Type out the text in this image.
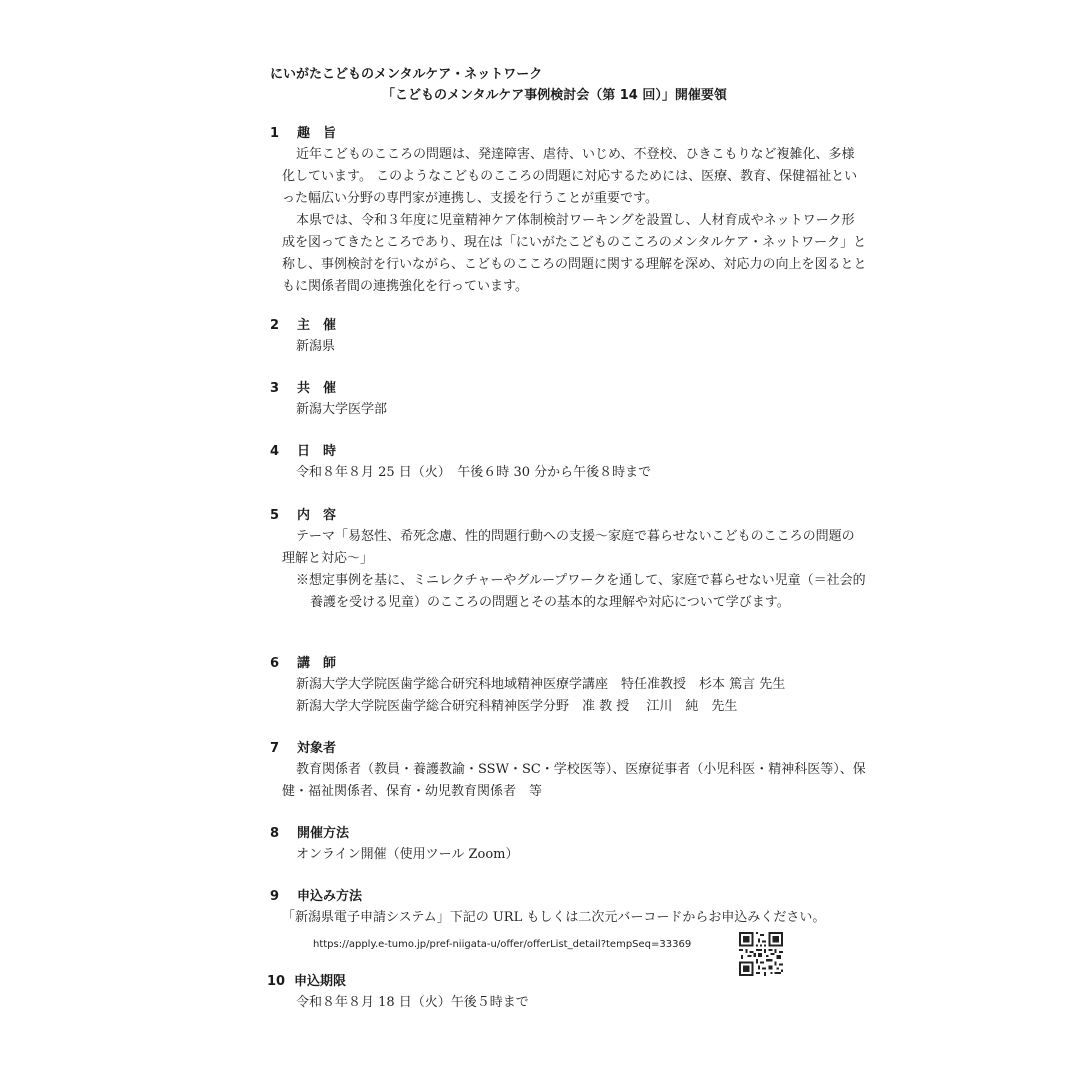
にいがたこどものメンタルケア・ネットワーク
「こどものメンタルケア事例検討会（第 14 回）」開催要領
1 趣　旨
近年こどものこころの問題は、発達障害、虐待、いじめ、不登校、ひきこもりなど複雑化、多様化しています。 このようなこどものこころの問題に対応するためには、医療、教育、保健福祉といった幅広い分野の専門家が連携し、支援を行うことが重要です。
本県では、令和３年度に児童精神ケア体制検討ワーキングを設置し、人材育成やネットワーク形成を図ってきたところであり、現在は「にいがたこどものこころのメンタルケア・ネットワーク」と称し、事例検討を行いながら、こどものこころの問題に関する理解を深め、対応力の向上を図るとともに関係者間の連携強化を行っています。
2 主　催
新潟県
3 共　催
新潟大学医学部
4 日　時
令和８年８月 25 日（火）　午後６時 30 分から午後８時まで
5 内　容
テーマ「易怒性、希死念慮、性的問題行動への支援～家庭で暮らせないこどものこころの問題の理解と対応～」
※想定事例を基に、ミニレクチャーやグループワークを通して、家庭で暮らせない児童（＝社会的養護を受ける児童）のこころの問題とその基本的な理解や対応について学びます。
6 講　師
新潟大学大学院医歯学総合研究科地域精神医療学講座　特任准教授　杉本 篤言 先生
新潟大学大学院医歯学総合研究科精神医学分野　准 教 授　 江川　純　先生
7 対象者
教育関係者（教員・養護教諭・SSW・SC・学校医等）、医療従事者（小児科医・精神科医等）、保健・福祉関係者、保育・幼児教育関係者　等
8 開催方法
オンライン開催（使用ツール Zoom）
9 申込み方法
「新潟県電子申請システム」下記の URL もしくは二次元バーコードからお申込みください。
https://apply.e-tumo.jp/pref-niigata-u/offer/offerList_detail?tempSeq=33369
10 申込期限
令和８年８月 18 日（火）午後５時まで
